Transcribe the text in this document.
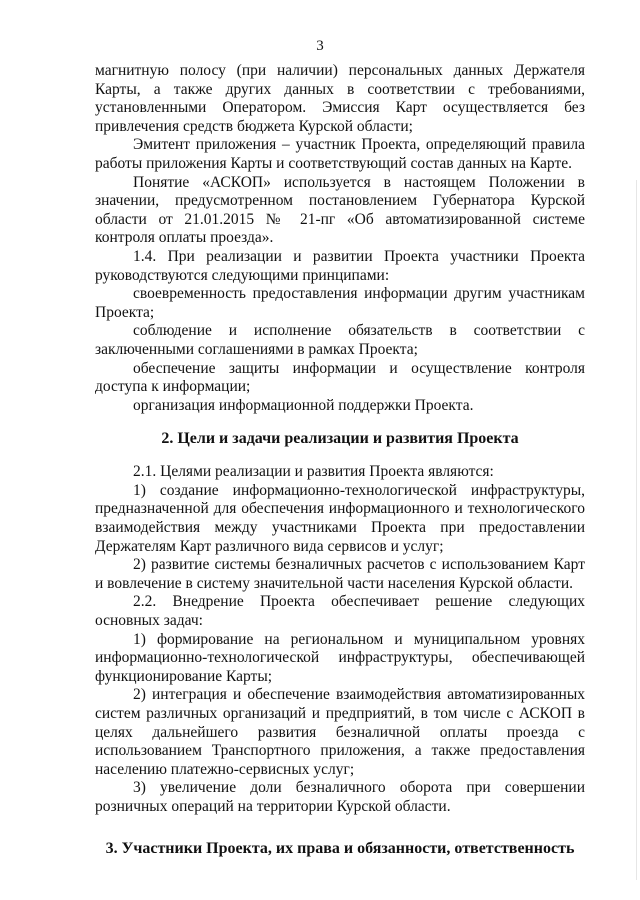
3

магнитную полосу (при наличии) персональных данных Держателя Карты, а также других данных в соответствии с требованиями, установленными Оператором. Эмиссия Карт осуществляется без привлечения средств бюджета Курской области;

Эмитент приложения – участник Проекта, определяющий правила работы приложения Карты и соответствующий состав данных на Карте.

Понятие «АСКОП» используется в настоящем Положении в значении, предусмотренном постановлением Губернатора Курской области от 21.01.2015 № 21-пг «Об автоматизированной системе контроля оплаты проезда».

1.4. При реализации и развитии Проекта участники Проекта руководствуются следующими принципами:

своевременность предоставления информации другим участникам Проекта;

соблюдение и исполнение обязательств в соответствии с заключенными соглашениями в рамках Проекта;

обеспечение защиты информации и осуществление контроля доступа к информации;

организация информационной поддержки Проекта.

2. Цели и задачи реализации и развития Проекта

2.1. Целями реализации и развития Проекта являются:

1) создание информационно-технологической инфраструктуры, предназначенной для обеспечения информационного и технологического взаимодействия между участниками Проекта при предоставлении Держателям Карт различного вида сервисов и услуг;

2) развитие системы безналичных расчетов с использованием Карт и вовлечение в систему значительной части населения Курской области.

2.2. Внедрение Проекта обеспечивает решение следующих основных задач:

1) формирование на региональном и муниципальном уровнях информационно-технологической инфраструктуры, обеспечивающей функционирование Карты;

2) интеграция и обеспечение взаимодействия автоматизированных систем различных организаций и предприятий, в том числе с АСКОП в целях дальнейшего развития безналичной оплаты проезда с использованием Транспортного приложения, а также предоставления населению платежно-сервисных услуг;

3) увеличение доли безналичного оборота при совершении розничных операций на территории Курской области.

3. Участники Проекта, их права и обязанности, ответственность
